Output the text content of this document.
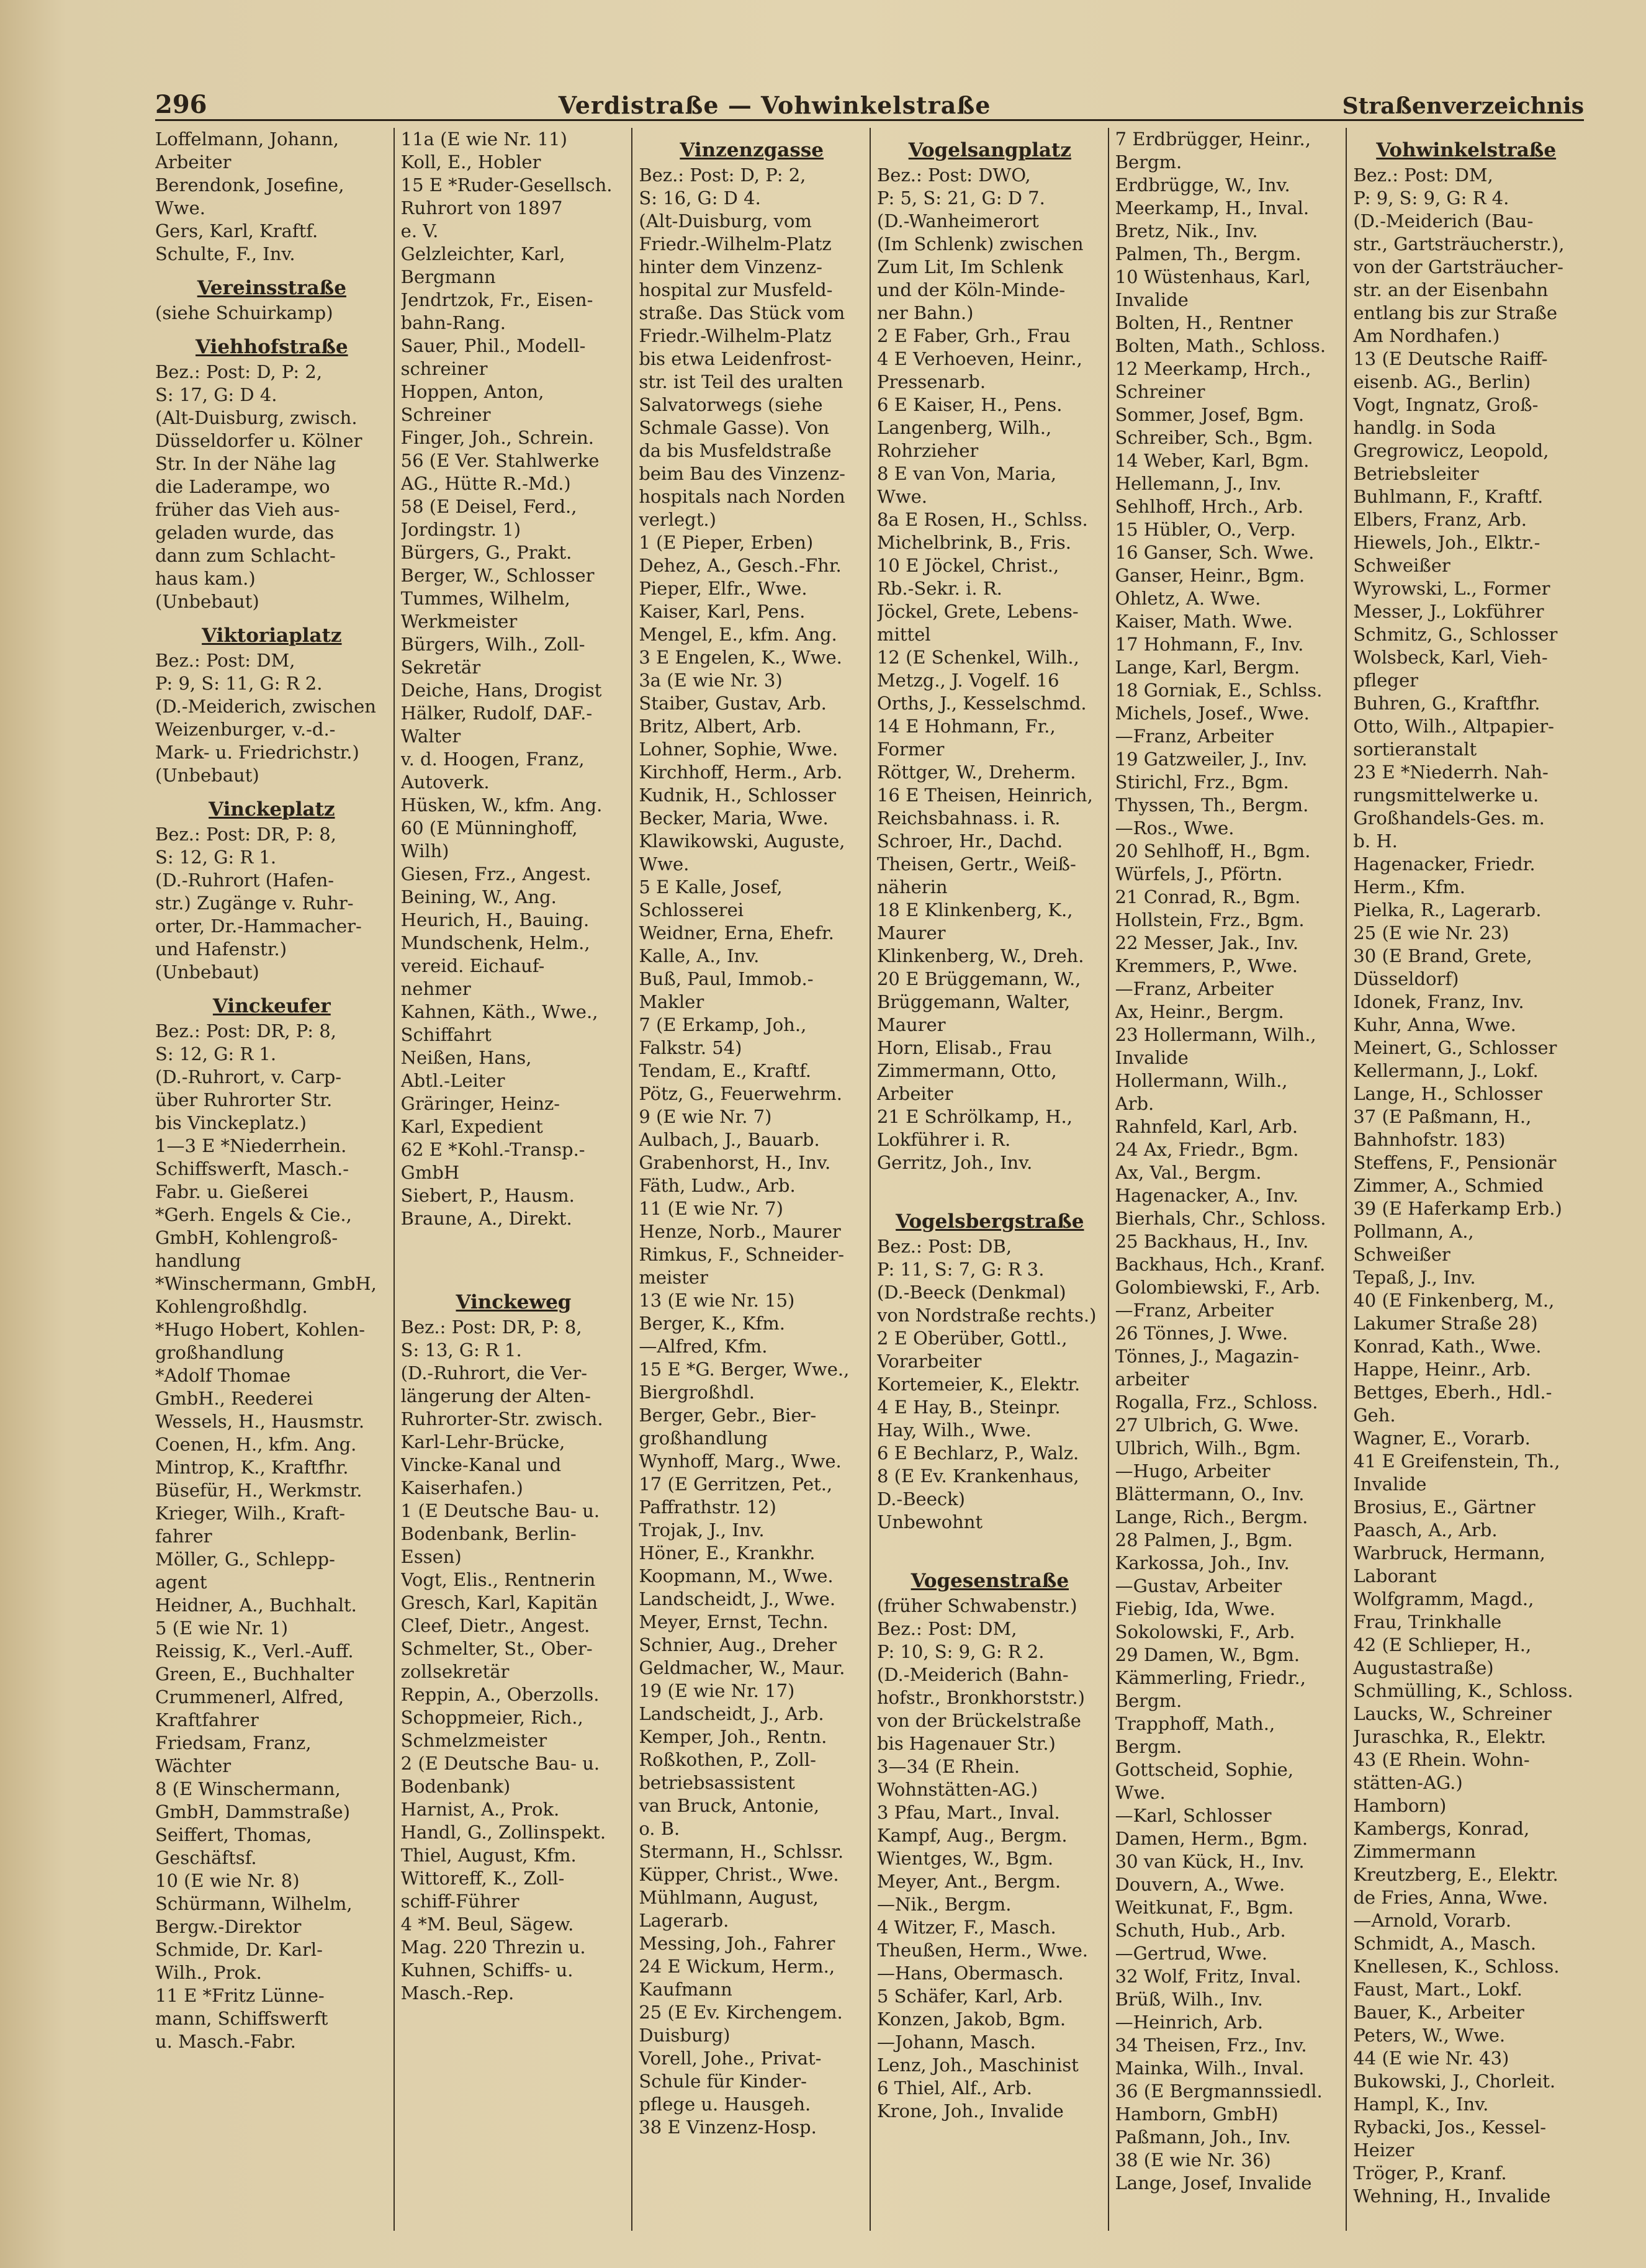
296	Verdistraße — Vohwinkelstraße	Straßenverzeichnis
Loffelmann, Johann,
Arbeiter
Berendonk, Josefine,
Wwe.
Gers, Karl, Kraftf.
Schulte, F., Inv.
Vereinsstraße
(siehe Schuirkamp)
Viehhofstraße
Bez.: Post: D, P: 2,
S: 17, G: D 4.
(Alt-Duisburg, zwisch.
Düsseldorfer u. Kölner
Str. In der Nähe lag
die Laderampe, wo
früher das Vieh aus-
geladen wurde, das
dann zum Schlacht-
haus kam.)
(Unbebaut)
Viktoriaplatz
Bez.: Post: DM,
P: 9, S: 11, G: R 2.
(D.-Meiderich, zwischen
Weizenburger, v.-d.-
Mark- u. Friedrichstr.)
(Unbebaut)
Vinckeplatz
Bez.: Post: DR, P: 8,
S: 12, G: R 1.
(D.-Ruhrort (Hafen-
str.) Zugänge v. Ruhr-
orter, Dr.-Hammacher-
und Hafenstr.)
(Unbebaut)
Vinckeufer
Bez.: Post: DR, P: 8,
S: 12, G: R 1.
(D.-Ruhrort, v. Carp-
über Ruhrorter Str.
bis Vinckeplatz.)
1—3 E *Niederrhein.
Schiffswerft, Masch.-
Fabr. u. Gießerei
*Gerh. Engels & Cie.,
GmbH, Kohlengroß-
handlung
*Winschermann, GmbH,
Kohlengroßhdlg.
*Hugo Hobert, Kohlen-
großhandlung
*Adolf Thomae
GmbH., Reederei
Wessels, H., Hausmstr.
Coenen, H., kfm. Ang.
Mintrop, K., Kraftfhr.
Büsefür, H., Werkmstr.
Krieger, Wilh., Kraft-
fahrer
Möller, G., Schlepp-
agent
Heidner, A., Buchhalt.
5 (E wie Nr. 1)
Reissig, K., Verl.-Auff.
Green, E., Buchhalter
Crummenerl, Alfred,
Kraftfahrer
Friedsam, Franz,
Wächter
8 (E Winschermann,
GmbH, Dammstraße)
Seiffert, Thomas,
Geschäftsf.
10 (E wie Nr. 8)
Schürmann, Wilhelm,
Bergw.-Direktor
Schmide, Dr. Karl-
Wilh., Prok.
11 E *Fritz Lünne-
mann, Schiffswerft
u. Masch.-Fabr.
11a (E wie Nr. 11)
Koll, E., Hobler
15 E *Ruder-Gesellsch.
Ruhrort von 1897
e. V.
Gelzleichter, Karl,
Bergmann
Jendrtzok, Fr., Eisen-
bahn-Rang.
Sauer, Phil., Modell-
schreiner
Hoppen, Anton,
Schreiner
Finger, Joh., Schrein.
56 (E Ver. Stahlwerke
AG., Hütte R.-Md.)
58 (E Deisel, Ferd.,
Jordingstr. 1)
Bürgers, G., Prakt.
Berger, W., Schlosser
Tummes, Wilhelm,
Werkmeister
Bürgers, Wilh., Zoll-
Sekretär
Deiche, Hans, Drogist
Hälker, Rudolf, DAF.-
Walter
v. d. Hoogen, Franz,
Autoverk.
Hüsken, W., kfm. Ang.
60 (E Münninghoff,
Wilh)
Giesen, Frz., Angest.
Beining, W., Ang.
Heurich, H., Bauing.
Mundschenk, Helm.,
vereid. Eichauf-
nehmer
Kahnen, Käth., Wwe.,
Schiffahrt
Neißen, Hans,
Abtl.-Leiter
Gräringer, Heinz-
Karl, Expedient
62 E *Kohl.-Transp.-
GmbH
Siebert, P., Hausm.
Braune, A., Direkt.
Vinckeweg
Bez.: Post: DR, P: 8,
S: 13, G: R 1.
(D.-Ruhrort, die Ver-
längerung der Alten-
Ruhrorter-Str. zwisch.
Karl-Lehr-Brücke,
Vincke-Kanal und
Kaiserhafen.)
1 (E Deutsche Bau- u.
Bodenbank, Berlin-
Essen)
Vogt, Elis., Rentnerin
Gresch, Karl, Kapitän
Cleef, Dietr., Angest.
Schmelter, St., Ober-
zollsekretär
Reppin, A., Oberzolls.
Schoppmeier, Rich.,
Schmelzmeister
2 (E Deutsche Bau- u.
Bodenbank)
Harnist, A., Prok.
Handl, G., Zollinspekt.
Thiel, August, Kfm.
Wittoreff, K., Zoll-
schiff-Führer
4 *M. Beul, Sägew.
Mag. 220 Threzin u.
Kuhnen, Schiffs- u.
Masch.-Rep.
Vinzenzgasse
Bez.: Post: D, P: 2,
S: 16, G: D 4.
(Alt-Duisburg, vom
Friedr.-Wilhelm-Platz
hinter dem Vinzenz-
hospital zur Musfeld-
straße. Das Stück vom
Friedr.-Wilhelm-Platz
bis etwa Leidenfrost-
str. ist Teil des uralten
Salvatorwegs (siehe
Schmale Gasse). Von
da bis Musfeldstraße
beim Bau des Vinzenz-
hospitals nach Norden
verlegt.)
1 (E Pieper, Erben)
Dehez, A., Gesch.-Fhr.
Pieper, Elfr., Wwe.
Kaiser, Karl, Pens.
Mengel, E., kfm. Ang.
3 E Engelen, K., Wwe.
3a (E wie Nr. 3)
Staiber, Gustav, Arb.
Britz, Albert, Arb.
Lohner, Sophie, Wwe.
Kirchhoff, Herm., Arb.
Kudnik, H., Schlosser
Becker, Maria, Wwe.
Klawikowski, Auguste,
Wwe.
5 E Kalle, Josef,
Schlosserei
Weidner, Erna, Ehefr.
Kalle, A., Inv.
Buß, Paul, Immob.-
Makler
7 (E Erkamp, Joh.,
Falkstr. 54)
Tendam, E., Kraftf.
Pötz, G., Feuerwehrm.
9 (E wie Nr. 7)
Aulbach, J., Bauarb.
Grabenhorst, H., Inv.
Fäth, Ludw., Arb.
11 (E wie Nr. 7)
Henze, Norb., Maurer
Rimkus, F., Schneider-
meister
13 (E wie Nr. 15)
Berger, K., Kfm.
—Alfred, Kfm.
15 E *G. Berger, Wwe.,
Biergroßhdl.
Berger, Gebr., Bier-
großhandlung
Wynhoff, Marg., Wwe.
17 (E Gerritzen, Pet.,
Paffrathstr. 12)
Trojak, J., Inv.
Höner, E., Krankhr.
Koopmann, M., Wwe.
Landscheidt, J., Wwe.
Meyer, Ernst, Techn.
Schnier, Aug., Dreher
Geldmacher, W., Maur.
19 (E wie Nr. 17)
Landscheidt, J., Arb.
Kemper, Joh., Rentn.
Roßkothen, P., Zoll-
betriebsassistent
van Bruck, Antonie,
o. B.
Stermann, H., Schlssr.
Küpper, Christ., Wwe.
Mühlmann, August,
Lagerarb.
Messing, Joh., Fahrer
24 E Wickum, Herm.,
Kaufmann
25 (E Ev. Kirchengem.
Duisburg)
Vorell, Johe., Privat-
Schule für Kinder-
pflege u. Hausgeh.
38 E Vinzenz-Hosp.
Vogelsangplatz
Bez.: Post: DWO,
P: 5, S: 21, G: D 7.
(D.-Wanheimerort
(Im Schlenk) zwischen
Zum Lit, Im Schlenk
und der Köln-Minde-
ner Bahn.)
2 E Faber, Grh., Frau
4 E Verhoeven, Heinr.,
Pressenarb.
6 E Kaiser, H., Pens.
Langenberg, Wilh.,
Rohrzieher
8 E van Von, Maria,
Wwe.
8a E Rosen, H., Schlss.
Michelbrink, B., Fris.
10 E Jöckel, Christ.,
Rb.-Sekr. i. R.
Jöckel, Grete, Lebens-
mittel
12 (E Schenkel, Wilh.,
Metzg., J. Vogelf. 16
Orths, J., Kesselschmd.
14 E Hohmann, Fr.,
Former
Röttger, W., Dreherm.
16 E Theisen, Heinrich,
Reichsbahnass. i. R.
Schroer, Hr., Dachd.
Theisen, Gertr., Weiß-
näherin
18 E Klinkenberg, K.,
Maurer
Klinkenberg, W., Dreh.
20 E Brüggemann, W.,
Brüggemann, Walter,
Maurer
Horn, Elisab., Frau
Zimmermann, Otto,
Arbeiter
21 E Schrölkamp, H.,
Lokführer i. R.
Gerritz, Joh., Inv.
Vogelsbergstraße
Bez.: Post: DB,
P: 11, S: 7, G: R 3.
(D.-Beeck (Denkmal)
von Nordstraße rechts.)
2 E Oberüber, Gottl.,
Vorarbeiter
Kortemeier, K., Elektr.
4 E Hay, B., Steinpr.
Hay, Wilh., Wwe.
6 E Bechlarz, P., Walz.
8 (E Ev. Krankenhaus,
D.-Beeck)
Unbewohnt
Vogesenstraße
(früher Schwabenstr.)
Bez.: Post: DM,
P: 10, S: 9, G: R 2.
(D.-Meiderich (Bahn-
hofstr., Bronkhorststr.)
von der Brückelstraße
bis Hagenauer Str.)
3—34 (E Rhein.
Wohnstätten-AG.)
3 Pfau, Mart., Inval.
Kampf, Aug., Bergm.
Wientges, W., Bgm.
Meyer, Ant., Bergm.
—Nik., Bergm.
4 Witzer, F., Masch.
Theußen, Herm., Wwe.
—Hans, Obermasch.
5 Schäfer, Karl, Arb.
Konzen, Jakob, Bgm.
—Johann, Masch.
Lenz, Joh., Maschinist
6 Thiel, Alf., Arb.
Krone, Joh., Invalide
7 Erdbrügger, Heinr.,
Bergm.
Erdbrügge, W., Inv.
Meerkamp, H., Inval.
Bretz, Nik., Inv.
Palmen, Th., Bergm.
10 Wüstenhaus, Karl,
Invalide
Bolten, H., Rentner
Bolten, Math., Schloss.
12 Meerkamp, Hrch.,
Schreiner
Sommer, Josef, Bgm.
Schreiber, Sch., Bgm.
14 Weber, Karl, Bgm.
Hellemann, J., Inv.
Sehlhoff, Hrch., Arb.
15 Hübler, O., Verp.
16 Ganser, Sch. Wwe.
Ganser, Heinr., Bgm.
Ohletz, A. Wwe.
Kaiser, Math. Wwe.
17 Hohmann, F., Inv.
Lange, Karl, Bergm.
18 Gorniak, E., Schlss.
Michels, Josef., Wwe.
—Franz, Arbeiter
19 Gatzweiler, J., Inv.
Stirichl, Frz., Bgm.
Thyssen, Th., Bergm.
—Ros., Wwe.
20 Sehlhoff, H., Bgm.
Würfels, J., Pförtn.
21 Conrad, R., Bgm.
Hollstein, Frz., Bgm.
22 Messer, Jak., Inv.
Kremmers, P., Wwe.
—Franz, Arbeiter
Ax, Heinr., Bergm.
23 Hollermann, Wilh.,
Invalide
Hollermann, Wilh.,
Arb.
Rahnfeld, Karl, Arb.
24 Ax, Friedr., Bgm.
Ax, Val., Bergm.
Hagenacker, A., Inv.
Bierhals, Chr., Schloss.
25 Backhaus, H., Inv.
Backhaus, Hch., Kranf.
Golombiewski, F., Arb.
—Franz, Arbeiter
26 Tönnes, J. Wwe.
Tönnes, J., Magazin-
arbeiter
Rogalla, Frz., Schloss.
27 Ulbrich, G. Wwe.
Ulbrich, Wilh., Bgm.
—Hugo, Arbeiter
Blättermann, O., Inv.
Lange, Rich., Bergm.
28 Palmen, J., Bgm.
Karkossa, Joh., Inv.
—Gustav, Arbeiter
Fiebig, Ida, Wwe.
Sokolowski, F., Arb.
29 Damen, W., Bgm.
Kämmerling, Friedr.,
Bergm.
Trapphoff, Math.,
Bergm.
Gottscheid, Sophie,
Wwe.
—Karl, Schlosser
Damen, Herm., Bgm.
30 van Kück, H., Inv.
Douvern, A., Wwe.
Weitkunat, F., Bgm.
Schuth, Hub., Arb.
—Gertrud, Wwe.
32 Wolf, Fritz, Inval.
Brüß, Wilh., Inv.
—Heinrich, Arb.
34 Theisen, Frz., Inv.
Mainka, Wilh., Inval.
36 (E Bergmannssiedl.
Hamborn, GmbH)
Paßmann, Joh., Inv.
38 (E wie Nr. 36)
Lange, Josef, Invalide
Vohwinkelstraße
Bez.: Post: DM,
P: 9, S: 9, G: R 4.
(D.-Meiderich (Bau-
str., Gartsträucherstr.),
von der Gartsträucher-
str. an der Eisenbahn
entlang bis zur Straße
Am Nordhafen.)
13 (E Deutsche Raiff-
eisenb. AG., Berlin)
Vogt, Ingnatz, Groß-
handlg. in Soda
Gregrowicz, Leopold,
Betriebsleiter
Buhlmann, F., Kraftf.
Elbers, Franz, Arb.
Hiewels, Joh., Elktr.-
Schweißer
Wyrowski, L., Former
Messer, J., Lokführer
Schmitz, G., Schlosser
Wolsbeck, Karl, Vieh-
pfleger
Buhren, G., Kraftfhr.
Otto, Wilh., Altpapier-
sortieranstalt
23 E *Niederrh. Nah-
rungsmittelwerke u.
Großhandels-Ges. m.
b. H.
Hagenacker, Friedr.
Herm., Kfm.
Pielka, R., Lagerarb.
25 (E wie Nr. 23)
30 (E Brand, Grete,
Düsseldorf)
Idonek, Franz, Inv.
Kuhr, Anna, Wwe.
Meinert, G., Schlosser
Kellermann, J., Lokf.
Lange, H., Schlosser
37 (E Paßmann, H.,
Bahnhofstr. 183)
Steffens, F., Pensionär
Zimmer, A., Schmied
39 (E Haferkamp Erb.)
Pollmann, A.,
Schweißer
Tepaß, J., Inv.
40 (E Finkenberg, M.,
Lakumer Straße 28)
Konrad, Kath., Wwe.
Happe, Heinr., Arb.
Bettges, Eberh., Hdl.-
Geh.
Wagner, E., Vorarb.
41 E Greifenstein, Th.,
Invalide
Brosius, E., Gärtner
Paasch, A., Arb.
Warbruck, Hermann,
Laborant
Wolfgramm, Magd.,
Frau, Trinkhalle
42 (E Schlieper, H.,
Augustastraße)
Schmülling, K., Schloss.
Laucks, W., Schreiner
Juraschka, R., Elektr.
43 (E Rhein. Wohn-
stätten-AG.)
Hamborn)
Kambergs, Konrad,
Zimmermann
Kreutzberg, E., Elektr.
de Fries, Anna, Wwe.
—Arnold, Vorarb.
Schmidt, A., Masch.
Knellesen, K., Schloss.
Faust, Mart., Lokf.
Bauer, K., Arbeiter
Peters, W., Wwe.
44 (E wie Nr. 43)
Bukowski, J., Chorleit.
Hampl, K., Inv.
Rybacki, Jos., Kessel-
Heizer
Tröger, P., Kranf.
Wehning, H., Invalide
